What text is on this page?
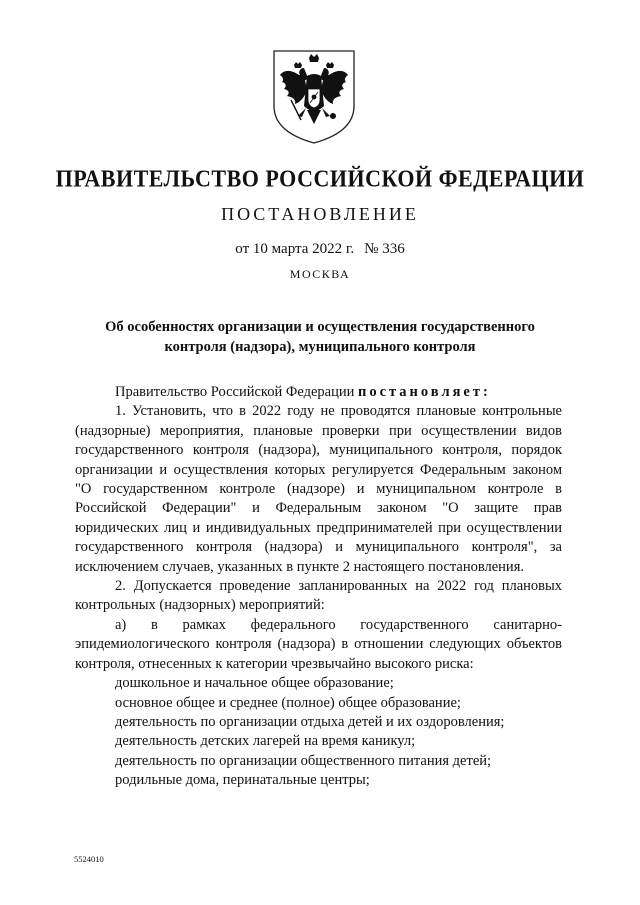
ПРАВИТЕЛЬСТВО РОССИЙСКОЙ ФЕДЕРАЦИИ
ПОСТАНОВЛЕНИЕ
от 10 марта 2022 г. № 336
МОСКВА
Об особенностях организации и осуществления государственного
контроля (надзора), муниципального контроля

Правительство Российской Федерации постановляет:

1. Установить, что в 2022 году не проводятся плановые контрольные (надзорные) мероприятия, плановые проверки при осуществлении видов государственного контроля (надзора), муниципального контроля, порядок организации и осуществления которых регулируется Федеральным законом "О государственном контроле (надзоре) и муниципальном контроле в Российской Федерации" и Федеральным законом "О защите прав юридических лиц и индивидуальных предпринимателей при осуществлении государственного контроля (надзора) и муниципального контроля", за исключением случаев, указанных в пункте 2 настоящего постановления.

2. Допускается проведение запланированных на 2022 год плановых контрольных (надзорных) мероприятий:

а) в рамках федерального государственного санитарно-эпидемиологического контроля (надзора) в отношении следующих объектов контроля, отнесенных к категории чрезвычайно высокого риска:

дошкольное и начальное общее образование;

основное общее и среднее (полное) общее образование;

деятельность по организации отдыха детей и их оздоровления;

деятельность детских лагерей на время каникул;

деятельность по организации общественного питания детей;

родильные дома, перинатальные центры;

5524010
